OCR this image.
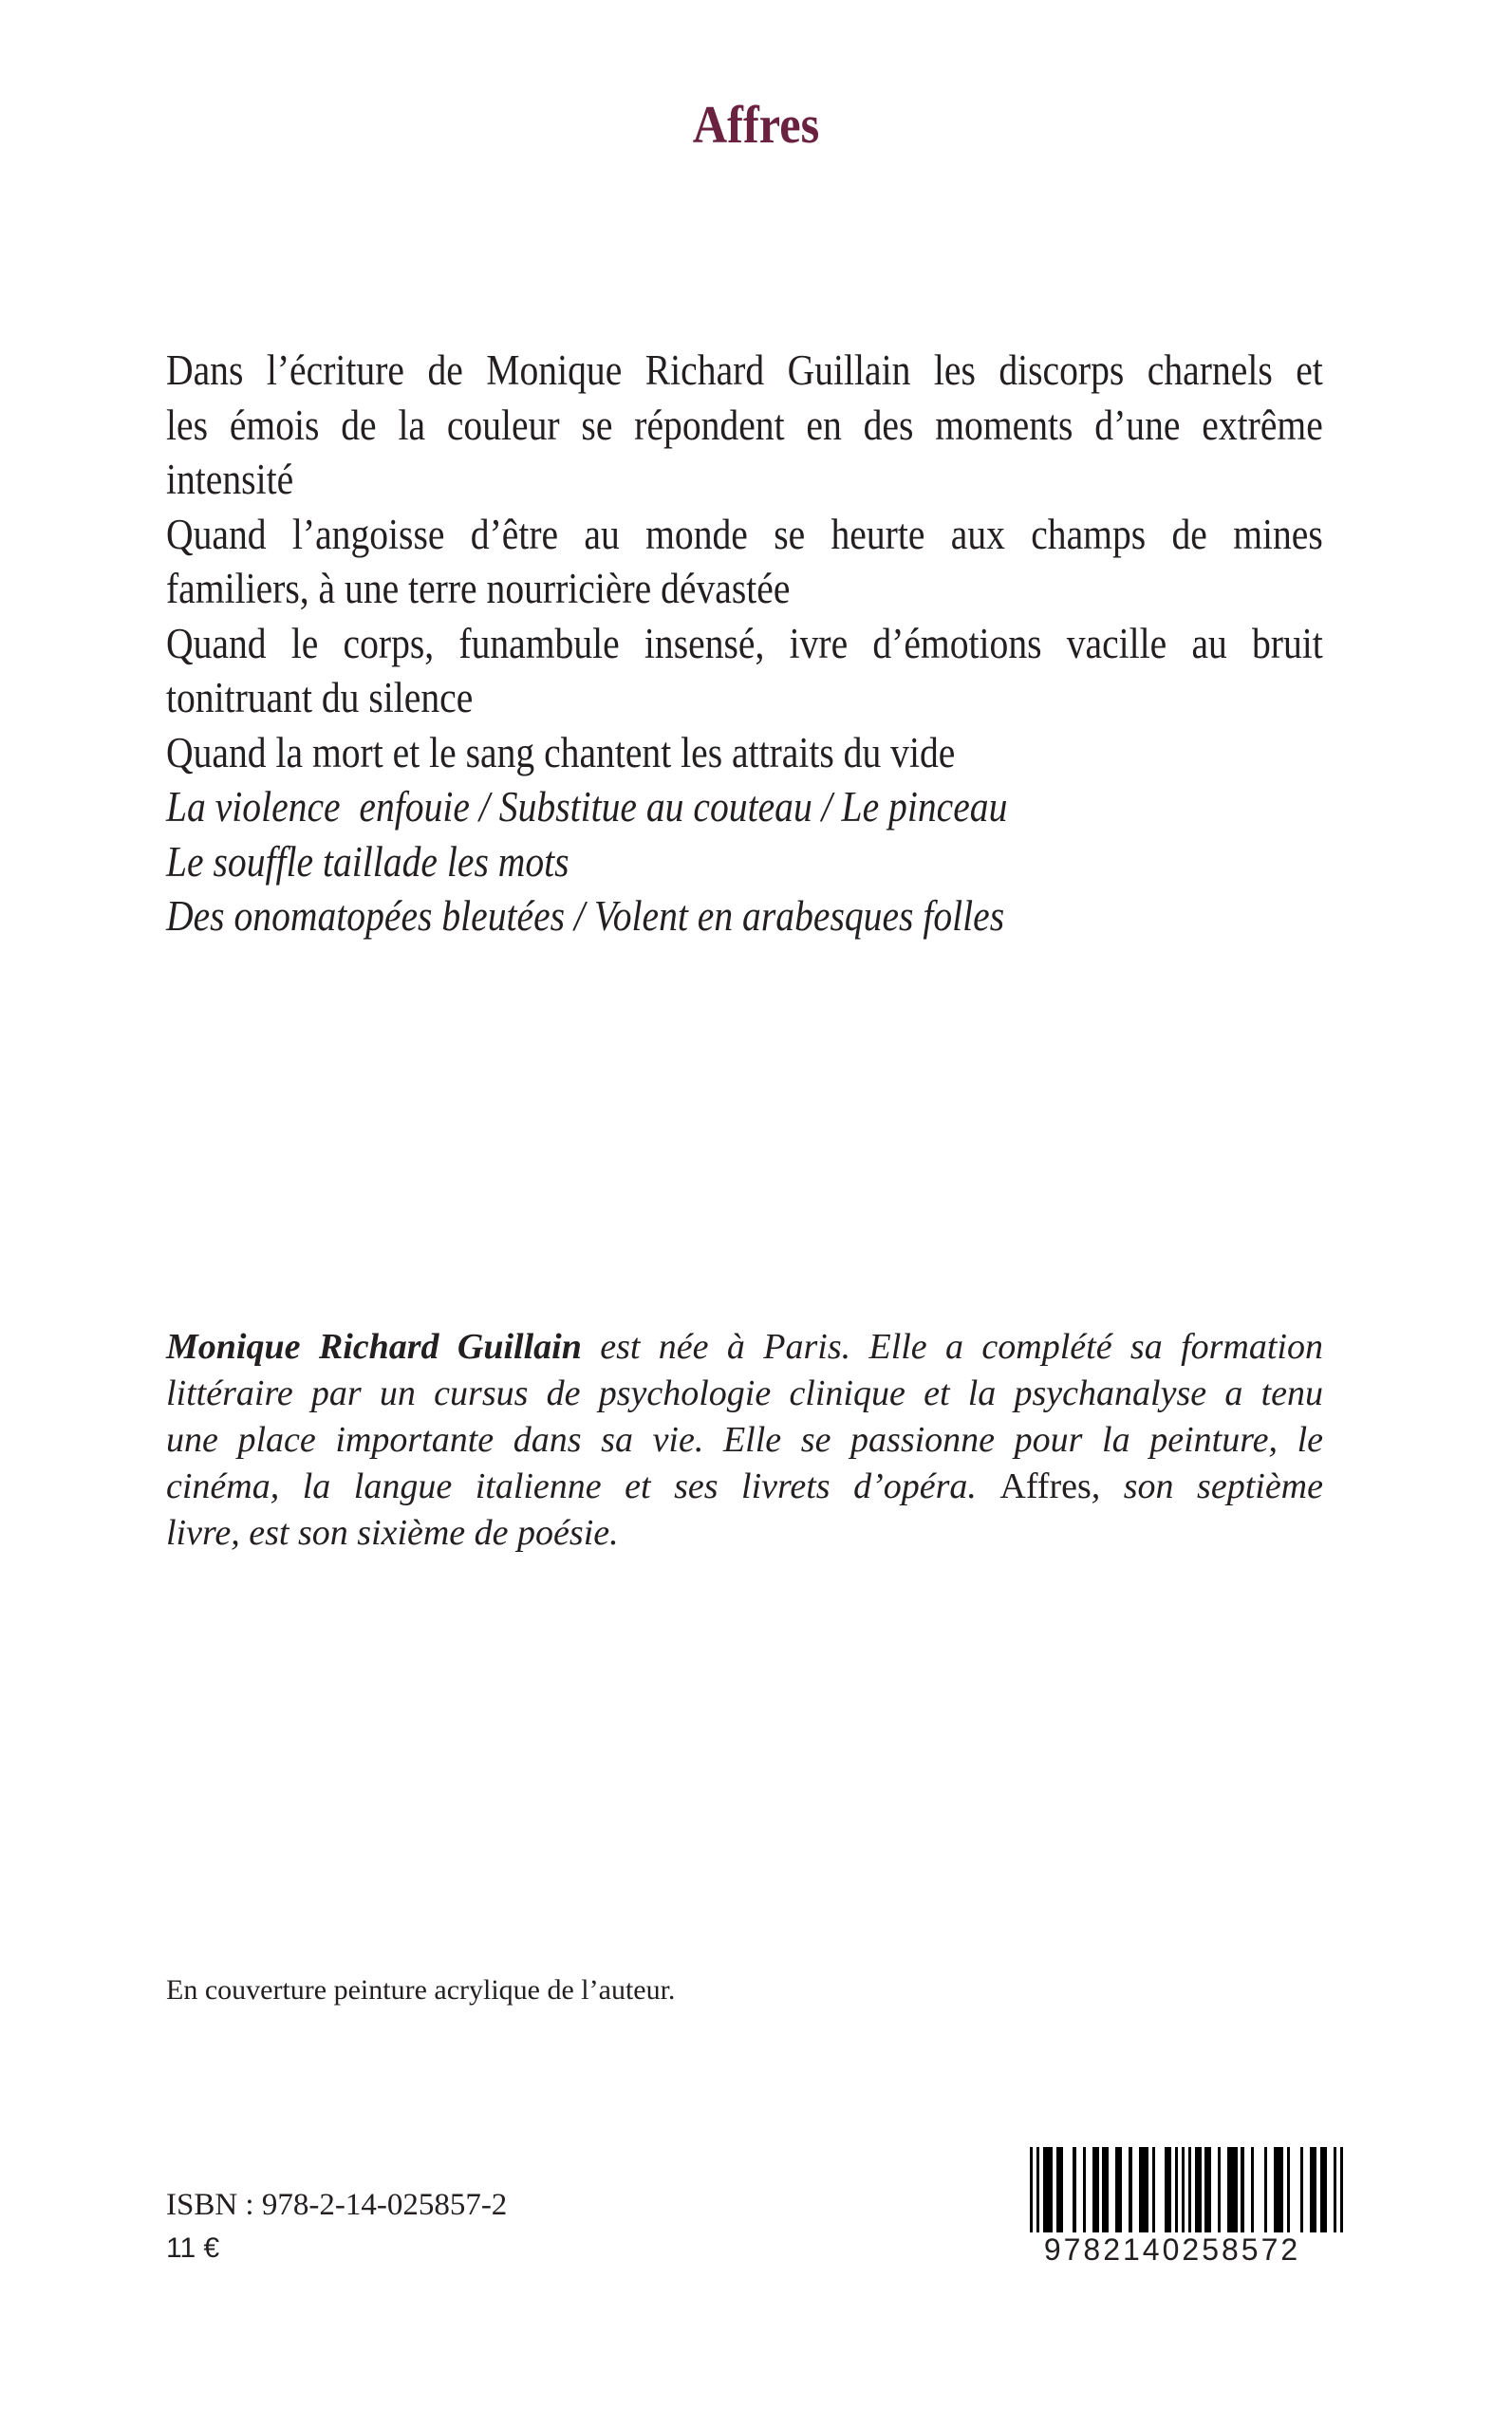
Affres
Dans l’écriture de Monique Richard Guillain les discorps charnels et
les émois de la couleur se répondent en des moments d’une extrême
intensité
Quand l’angoisse d’être au monde se heurte aux champs de mines
familiers, à une terre nourricière dévastée
Quand le corps, funambule insensé, ivre d’émotions vacille au bruit
tonitruant du silence
Quand la mort et le sang chantent les attraits du vide
La violence  enfouie / Substitue au couteau / Le pinceau
Le souffle taillade les mots
Des onomatopées bleutées / Volent en arabesques folles
Monique Richard Guillain est née à Paris. Elle a complété sa formation
littéraire par un cursus de psychologie clinique et la psychanalyse a tenu
une place importante dans sa vie. Elle se passionne pour la peinture, le
cinéma, la langue italienne et ses livrets d’opéra. Affres, son septième
livre, est son sixième de poésie.
En couverture peinture acrylique de l’auteur.
ISBN : 978-2-14-025857-2
11 €	9782140258572
